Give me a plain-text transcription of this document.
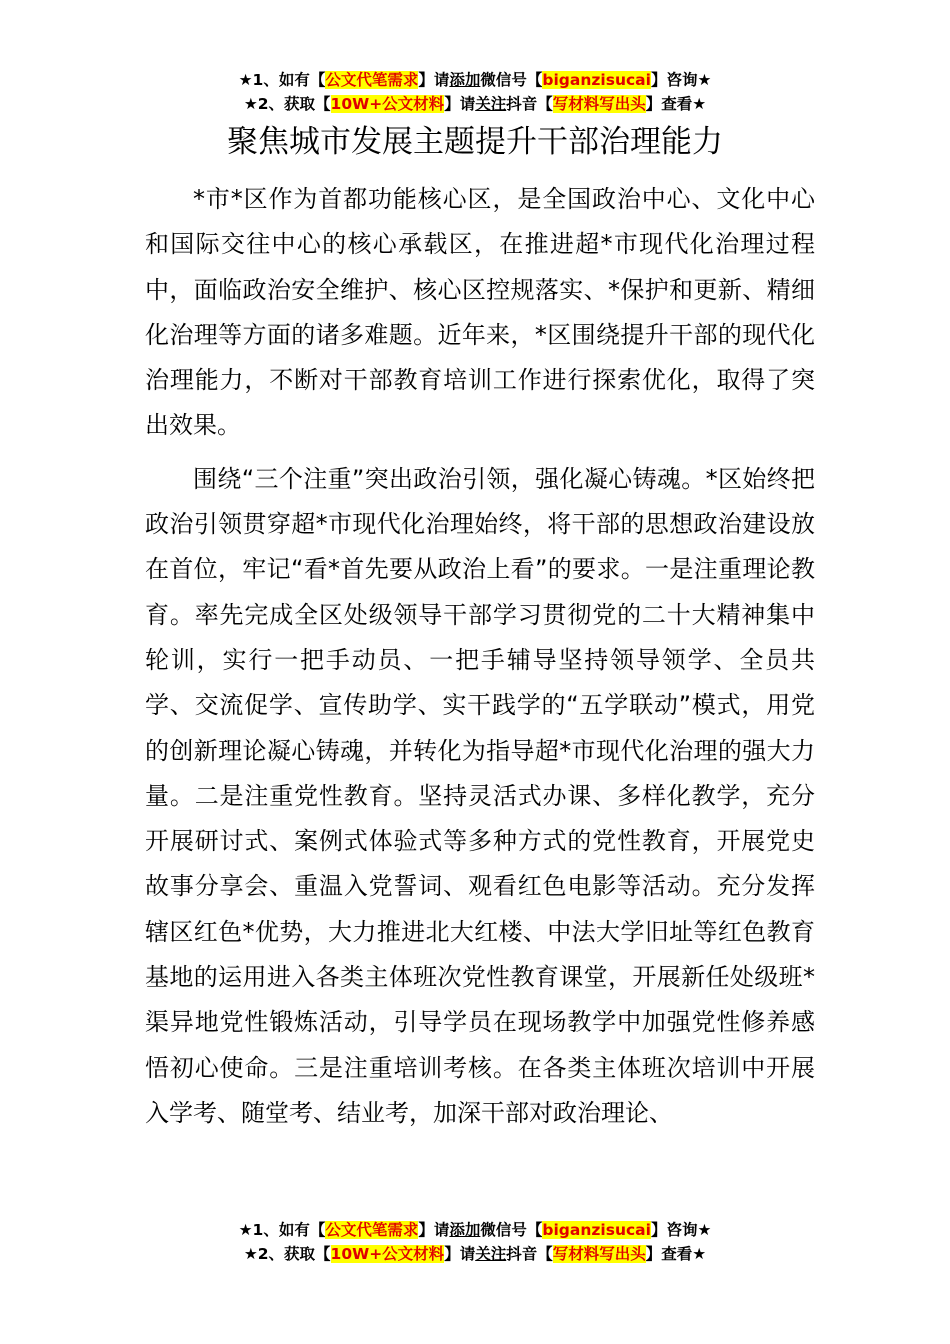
★1、如有【公文代笔需求】请添加微信号【biganzisucai】咨询★
★2、获取【10W+公文材料】请关注抖音【写材料写出头】查看★
聚焦城市发展主题提升干部治理能力

*市*区作为首都功能核心区，是全国政治中心、文化中心和国际交往中心的核心承载区，在推进超*市现代化治理过程中，面临政治安全维护、核心区控规落实、*保护和更新、精细化治理等方面的诸多难题。近年来，*区围绕提升干部的现代化治理能力，不断对干部教育培训工作进行探索优化，取得了突出效果。

围绕“三个注重”突出政治引领，强化凝心铸魂。*区始终把政治引领贯穿超*市现代化治理始终，将干部的思想政治建设放在首位，牢记“看*首先要从政治上看”的要求。一是注重理论教育。率先完成全区处级领导干部学习贯彻党的二十大精神集中轮训，实行一把手动员、一把手辅导坚持领导领学、全员共学、交流促学、宣传助学、实干践学的“五学联动”模式，用党的创新理论凝心铸魂，并转化为指导超*市现代化治理的强大力量。二是注重党性教育。坚持灵活式办课、多样化教学，充分开展研讨式、案例式体验式等多种方式的党性教育，开展党史故事分享会、重温入党誓词、观看红色电影等活动。充分发挥辖区红色*优势，大力推进北大红楼、中法大学旧址等红色教育基地的运用进入各类主体班次党性教育课堂，开展新任处级班*渠异地党性锻炼活动，引导学员在现场教学中加强党性修养感悟初心使命。三是注重培训考核。在各类主体班次培训中开展入学考、随堂考、结业考，加深干部对政治理论、

★1、如有【公文代笔需求】请添加微信号【biganzisucai】咨询★
★2、获取【10W+公文材料】请关注抖音【写材料写出头】查看★
